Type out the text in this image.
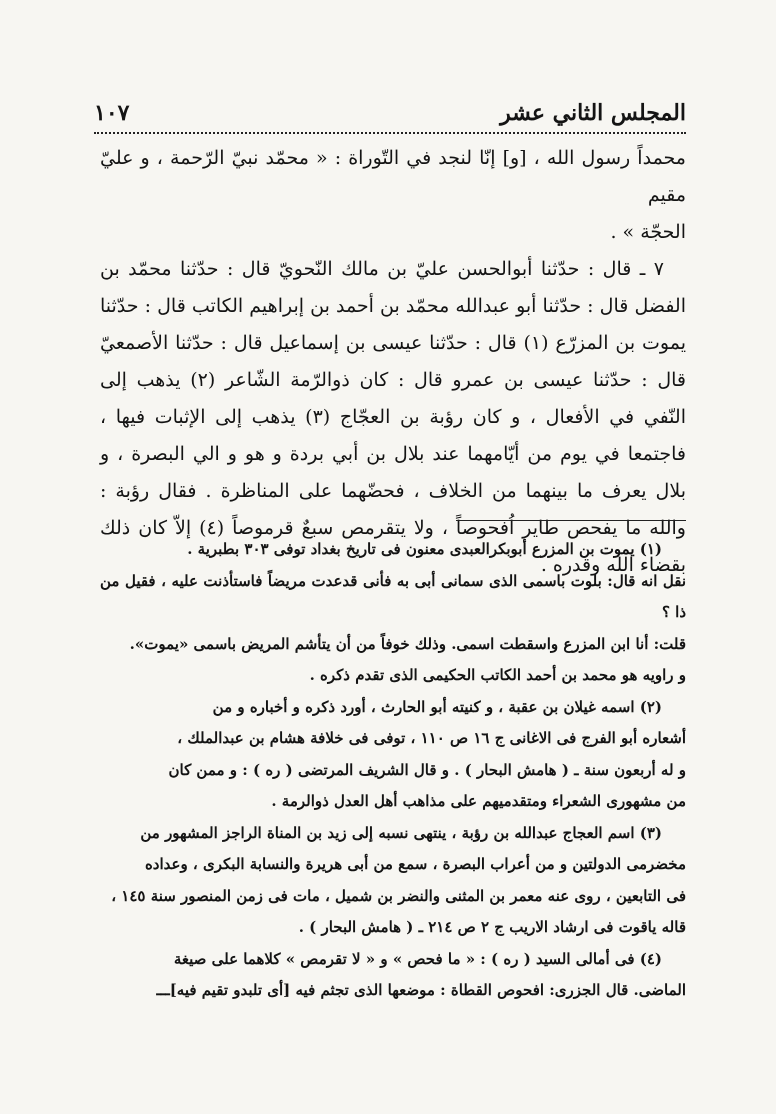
المجلس الثاني عشر
١٠٧

محمداً رسول الله ، [و] إنّا لنجد في التّوراة : « محمّد نبيّ الرّحمة ، و عليّ مقيم

الحجّة » .

٧ ـ قال : حدّثنا أبوالحسن عليّ بن مالك النّحويّ قال : حدّثنا محمّد بن الفضل قال : حدّثنا أبو عبدالله محمّد بن أحمد بن إبراهيم الكاتب قال : حدّثنا يموت بن المزرّع (١) قال : حدّثنا عيسى بن إسماعيل قال : حدّثنا الأصمعيّ قال : حدّثنا عيسى بن عمرو قال : كان ذوالرّمة الشّاعر (٢) يذهب إلى النّفي في الأفعال ، و كان رؤبة بن العجّاج (٣) يذهب إلى الإثبات فيها ، فاجتمعا في يوم من أيّامهما عند بلال بن أبي بردة و هو و الي البصرة ، و بلال يعرف ما بينهما من الخلاف ، فحضّهما على المناظرة . فقال رؤبة : والله ما يفحص طاير اُفحوصاً ، ولا يتقرمص سبعٌ قرموصاً (٤) إلاّ كان ذلك بقضاء الله وقدره .

(١) يموت بن المزرع أبوبكرالعبدى معنون فى تاريخ بغداد توفى ٣٠٣ بطبرية .

نقل انه قال: بلوت باسمى الذى سمانى أبى به فأنى قدعدت مريضاً فاستأذنت عليه ، فقيل من ذا ؟

قلت: أنا ابن المزرع واسقطت اسمى. وذلك خوفاً من أن يتأشم المريض باسمى «يموت».

و راويه هو محمد بن أحمد الكاتب الحكيمى الذى تقدم ذكره .

(٢) اسمه غيلان بن عقبة ، و كنيته أبو الحارث ، أورد ذكره و أخباره و من

أشعاره أبو الفرج فى الاغانى ج ١٦ ص ١١٠ ، توفى فى خلافة هشام بن عبدالملك ،

و له أربعون سنة ـ ( هامش البحار ) . و قال الشريف المرتضى ( ره ) : و ممن كان

من مشهورى الشعراء ومتقدميهم على مذاهب أهل العدل ذوالرمة .

(٣) اسم العجاج عبدالله بن رؤبة ، ينتهى نسبه إلى زيد بن المناة الراجز المشهور من

مخضرمى الدولتين و من أعراب البصرة ، سمع من أبى هريرة والنسابة البكرى ، وعداده

فى التابعين ، روى عنه معمر بن المثنى والنضر بن شميل ، مات فى زمن المنصور سنة ١٤٥ ،

قاله ياقوت فى ارشاد الاريب ج ٢ ص ٢١٤ ـ ( هامش البحار ) .

(٤) فى أمالى السيد ( ره ) : « ما فحص » و « لا تقرمص » كلاهما على صيغة

الماضى. قال الجزرى: افحوص القطاة : موضعها الذى تجثم فيه [أى تلبدو تقيم فيه]ـــ
